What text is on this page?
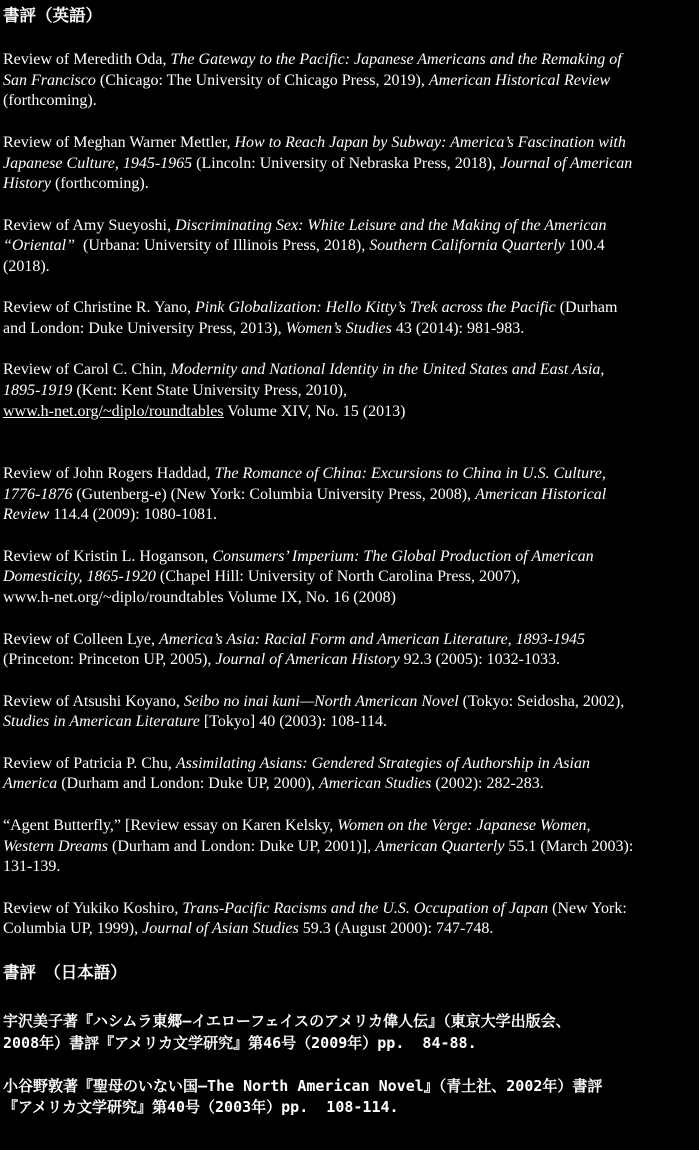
書評（英語）

Review of Meredith Oda, The Gateway to the Pacific: Japanese Americans and the Remaking of
San Francisco (Chicago: The University of Chicago Press, 2019), American Historical Review
(forthcoming).

Review of Meghan Warner Mettler, How to Reach Japan by Subway: America’s Fascination with
Japanese Culture, 1945-1965 (Lincoln: University of Nebraska Press, 2018), Journal of American
History (forthcoming).

Review of Amy Sueyoshi, Discriminating Sex: White Leisure and the Making of the American
“Oriental”  (Urbana: University of Illinois Press, 2018), Southern California Quarterly 100.4
(2018).

Review of Christine R. Yano, Pink Globalization: Hello Kitty’s Trek across the Pacific (Durham
and London: Duke University Press, 2013), Women’s Studies 43 (2014): 981-983.

Review of Carol C. Chin, Modernity and National Identity in the United States and East Asia,
1895-1919 (Kent: Kent State University Press, 2010),
www.h-net.org/~diplo/roundtables Volume XIV, No. 15 (2013)

Review of John Rogers Haddad, The Romance of China: Excursions to China in U.S. Culture,
1776-1876 (Gutenberg-e) (New York: Columbia University Press, 2008), American Historical
Review 114.4 (2009): 1080-1081.

Review of Kristin L. Hoganson, Consumers’ Imperium: The Global Production of American
Domesticity, 1865-1920 (Chapel Hill: University of North Carolina Press, 2007),
www.h-net.org/~diplo/roundtables Volume IX, No. 16 (2008)

Review of Colleen Lye, America’s Asia: Racial Form and American Literature, 1893-1945
(Princeton: Princeton UP, 2005), Journal of American History 92.3 (2005): 1032-1033.

Review of Atsushi Koyano, Seibo no inai kuni—North American Novel (Tokyo: Seidosha, 2002),
Studies in American Literature [Tokyo] 40 (2003): 108-114.

Review of Patricia P. Chu, Assimilating Asians: Gendered Strategies of Authorship in Asian
America (Durham and London: Duke UP, 2000), American Studies (2002): 282-283.

“Agent Butterfly,” [Review essay on Karen Kelsky, Women on the Verge: Japanese Women,
Western Dreams (Durham and London: Duke UP, 2001)], American Quarterly 55.1 (March 2003):
131-139.

Review of Yukiko Koshiro, Trans-Pacific Racisms and the U.S. Occupation of Japan (New York:
Columbia UP, 1999), Journal of Asian Studies 59.3 (August 2000): 747-748.

書評　（日本語）

宇沢美子著『ハシムラ東郷―イエローフェイスのアメリカ偉人伝』（東京大学出版会、
2008年）書評『アメリカ文学研究』第46号（2009年）pp.  84-88.

小谷野敦著『聖母のいない国―The North American Novel』（青土社、2002年）書評
『アメリカ文学研究』第40号（2003年）pp.  108-114.
